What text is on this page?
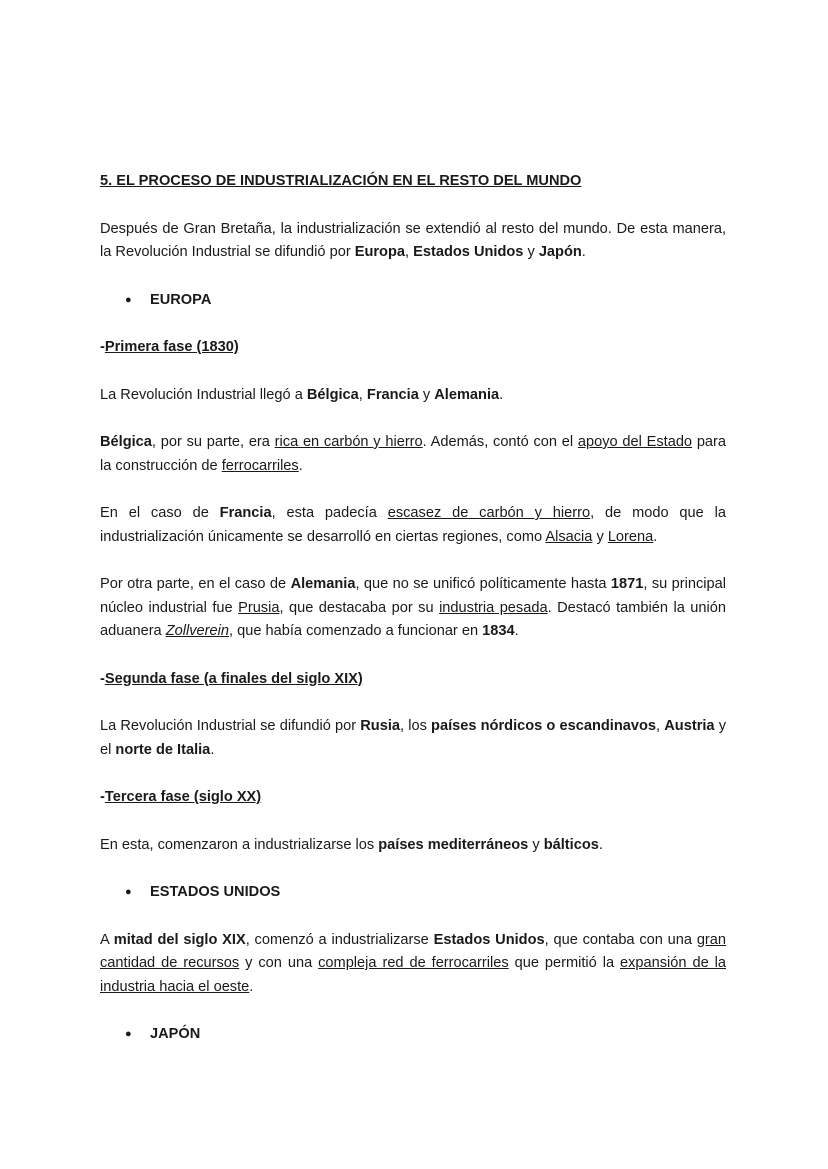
5. EL PROCESO DE INDUSTRIALIZACIÓN EN EL RESTO DEL MUNDO

Después de Gran Bretaña, la industrialización se extendió al resto del mundo. De esta manera, la Revolución Industrial se difundió por Europa, Estados Unidos y Japón.

● EUROPA
-Primera fase (1830)

La Revolución Industrial llegó a Bélgica, Francia y Alemania.

Bélgica, por su parte, era rica en carbón y hierro. Además, contó con el apoyo del Estado para la construcción de ferrocarriles.

En el caso de Francia, esta padecía escasez de carbón y hierro, de modo que la industrialización únicamente se desarrolló en ciertas regiones, como Alsacia y Lorena.

Por otra parte, en el caso de Alemania, que no se unificó políticamente hasta 1871, su principal núcleo industrial fue Prusia, que destacaba por su industria pesada. Destacó también la unión aduanera Zollverein, que había comenzado a funcionar en 1834.

-Segunda fase (a finales del siglo XIX)

La Revolución Industrial se difundió por Rusia, los países nórdicos o escandinavos, Austria y el norte de Italia.

-Tercera fase (siglo XX)

En esta, comenzaron a industrializarse los países mediterráneos y bálticos.

● ESTADOS UNIDOS

A mitad del siglo XIX, comenzó a industrializarse Estados Unidos, que contaba con una gran cantidad de recursos y con una compleja red de ferrocarriles que permitió la expansión de la industria hacia el oeste.

● JAPÓN
